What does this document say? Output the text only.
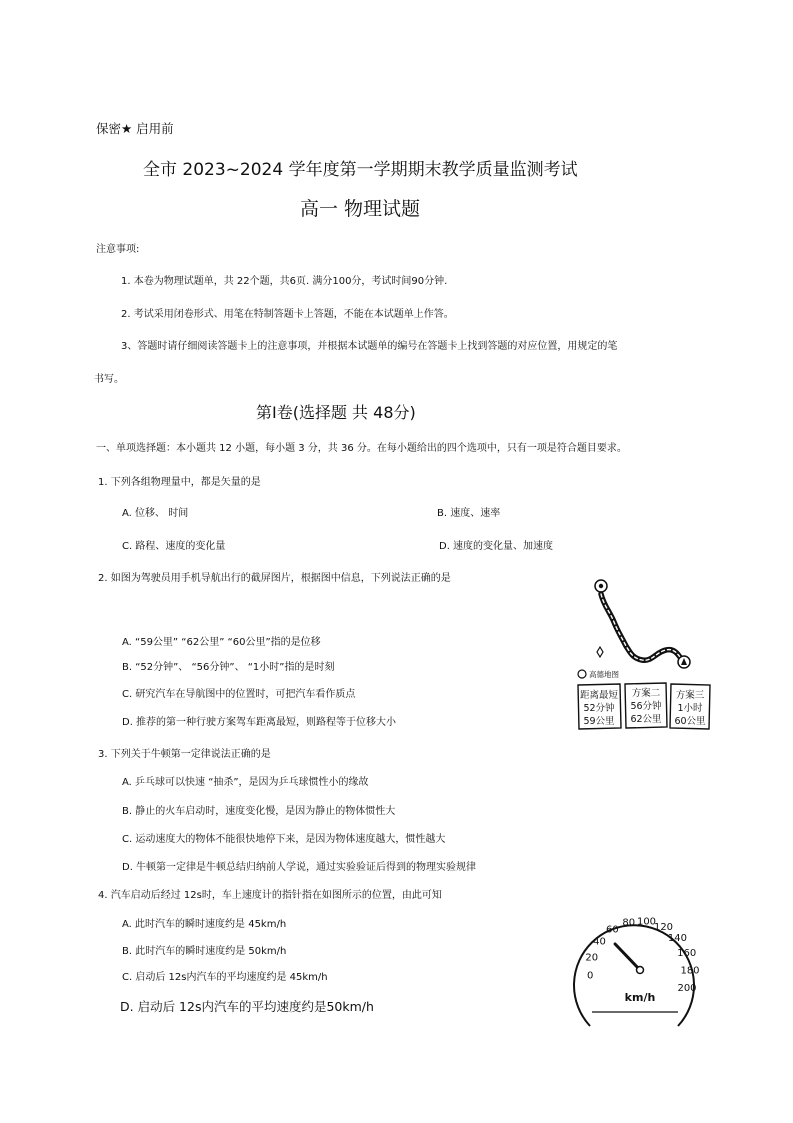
保密★ 启用前
全市 2023~2024 学年度第一学期期末教学质量监测考试
高一 物理试题
注意事项:
1. 本卷为物理试题单，共 22个题，共6页. 满分100分，考试时间90分钟.
2. 考试采用闭卷形式、用笔在特制答题卡上答题，不能在本试题单上作答。
3、答题时请仔细阅读答题卡上的注意事项，并根据本试题单的编号在答题卡上找到答题的对应位置，用规定的笔
书写。
第Ⅰ卷(选择题 共 48分)
一、单项选择题：本小题共 12 小题，每小题 3 分，共 36 分。在每小题给出的四个选项中，只有一项是符合题目要求。
1. 下列各组物理量中，都是矢量的是
A. 位移、 时间	B. 速度、速率
C. 路程、速度的变化量	D. 速度的变化量、加速度
2. 如图为驾驶员用手机导航出行的截屏图片，根据图中信息，下列说法正确的是
A. “59公里” “62公里” “60公里”指的是位移
B. “52分钟”、 “56分钟”、 “1小时”指的是时刻
C. 研究汽车在导航图中的位置时，可把汽车看作质点
D. 推荐的第一种行驶方案驾车距离最短，则路程等于位移大小
高德地图
距离最短
52分钟
59公里
方案二
56分钟
62公里
方案三
1小时
60公里
3. 下列关于牛顿第一定律说法正确的是
A. 乒乓球可以快速 “抽杀”，是因为乒乓球惯性小的缘故
B. 静止的火车启动时，速度变化慢，是因为静止的物体惯性大
C. 运动速度大的物体不能很快地停下来，是因为物体速度越大，惯性越大
D. 牛顿第一定律是牛顿总结归纳前人学说，通过实验验证后得到的物理实验规律
4. 汽车启动后经过 12s时，车上速度计的指针指在如图所示的位置，由此可知
A. 此时汽车的瞬时速度约是 45km/h
B. 此时汽车的瞬时速度约是 50km/h
C. 启动后 12s内汽车的平均速度约是 45km/h
D. 启动后 12s内汽车的平均速度约是50km/h
0
20
40
60
80 100
120
140
160
180
200
km/h
